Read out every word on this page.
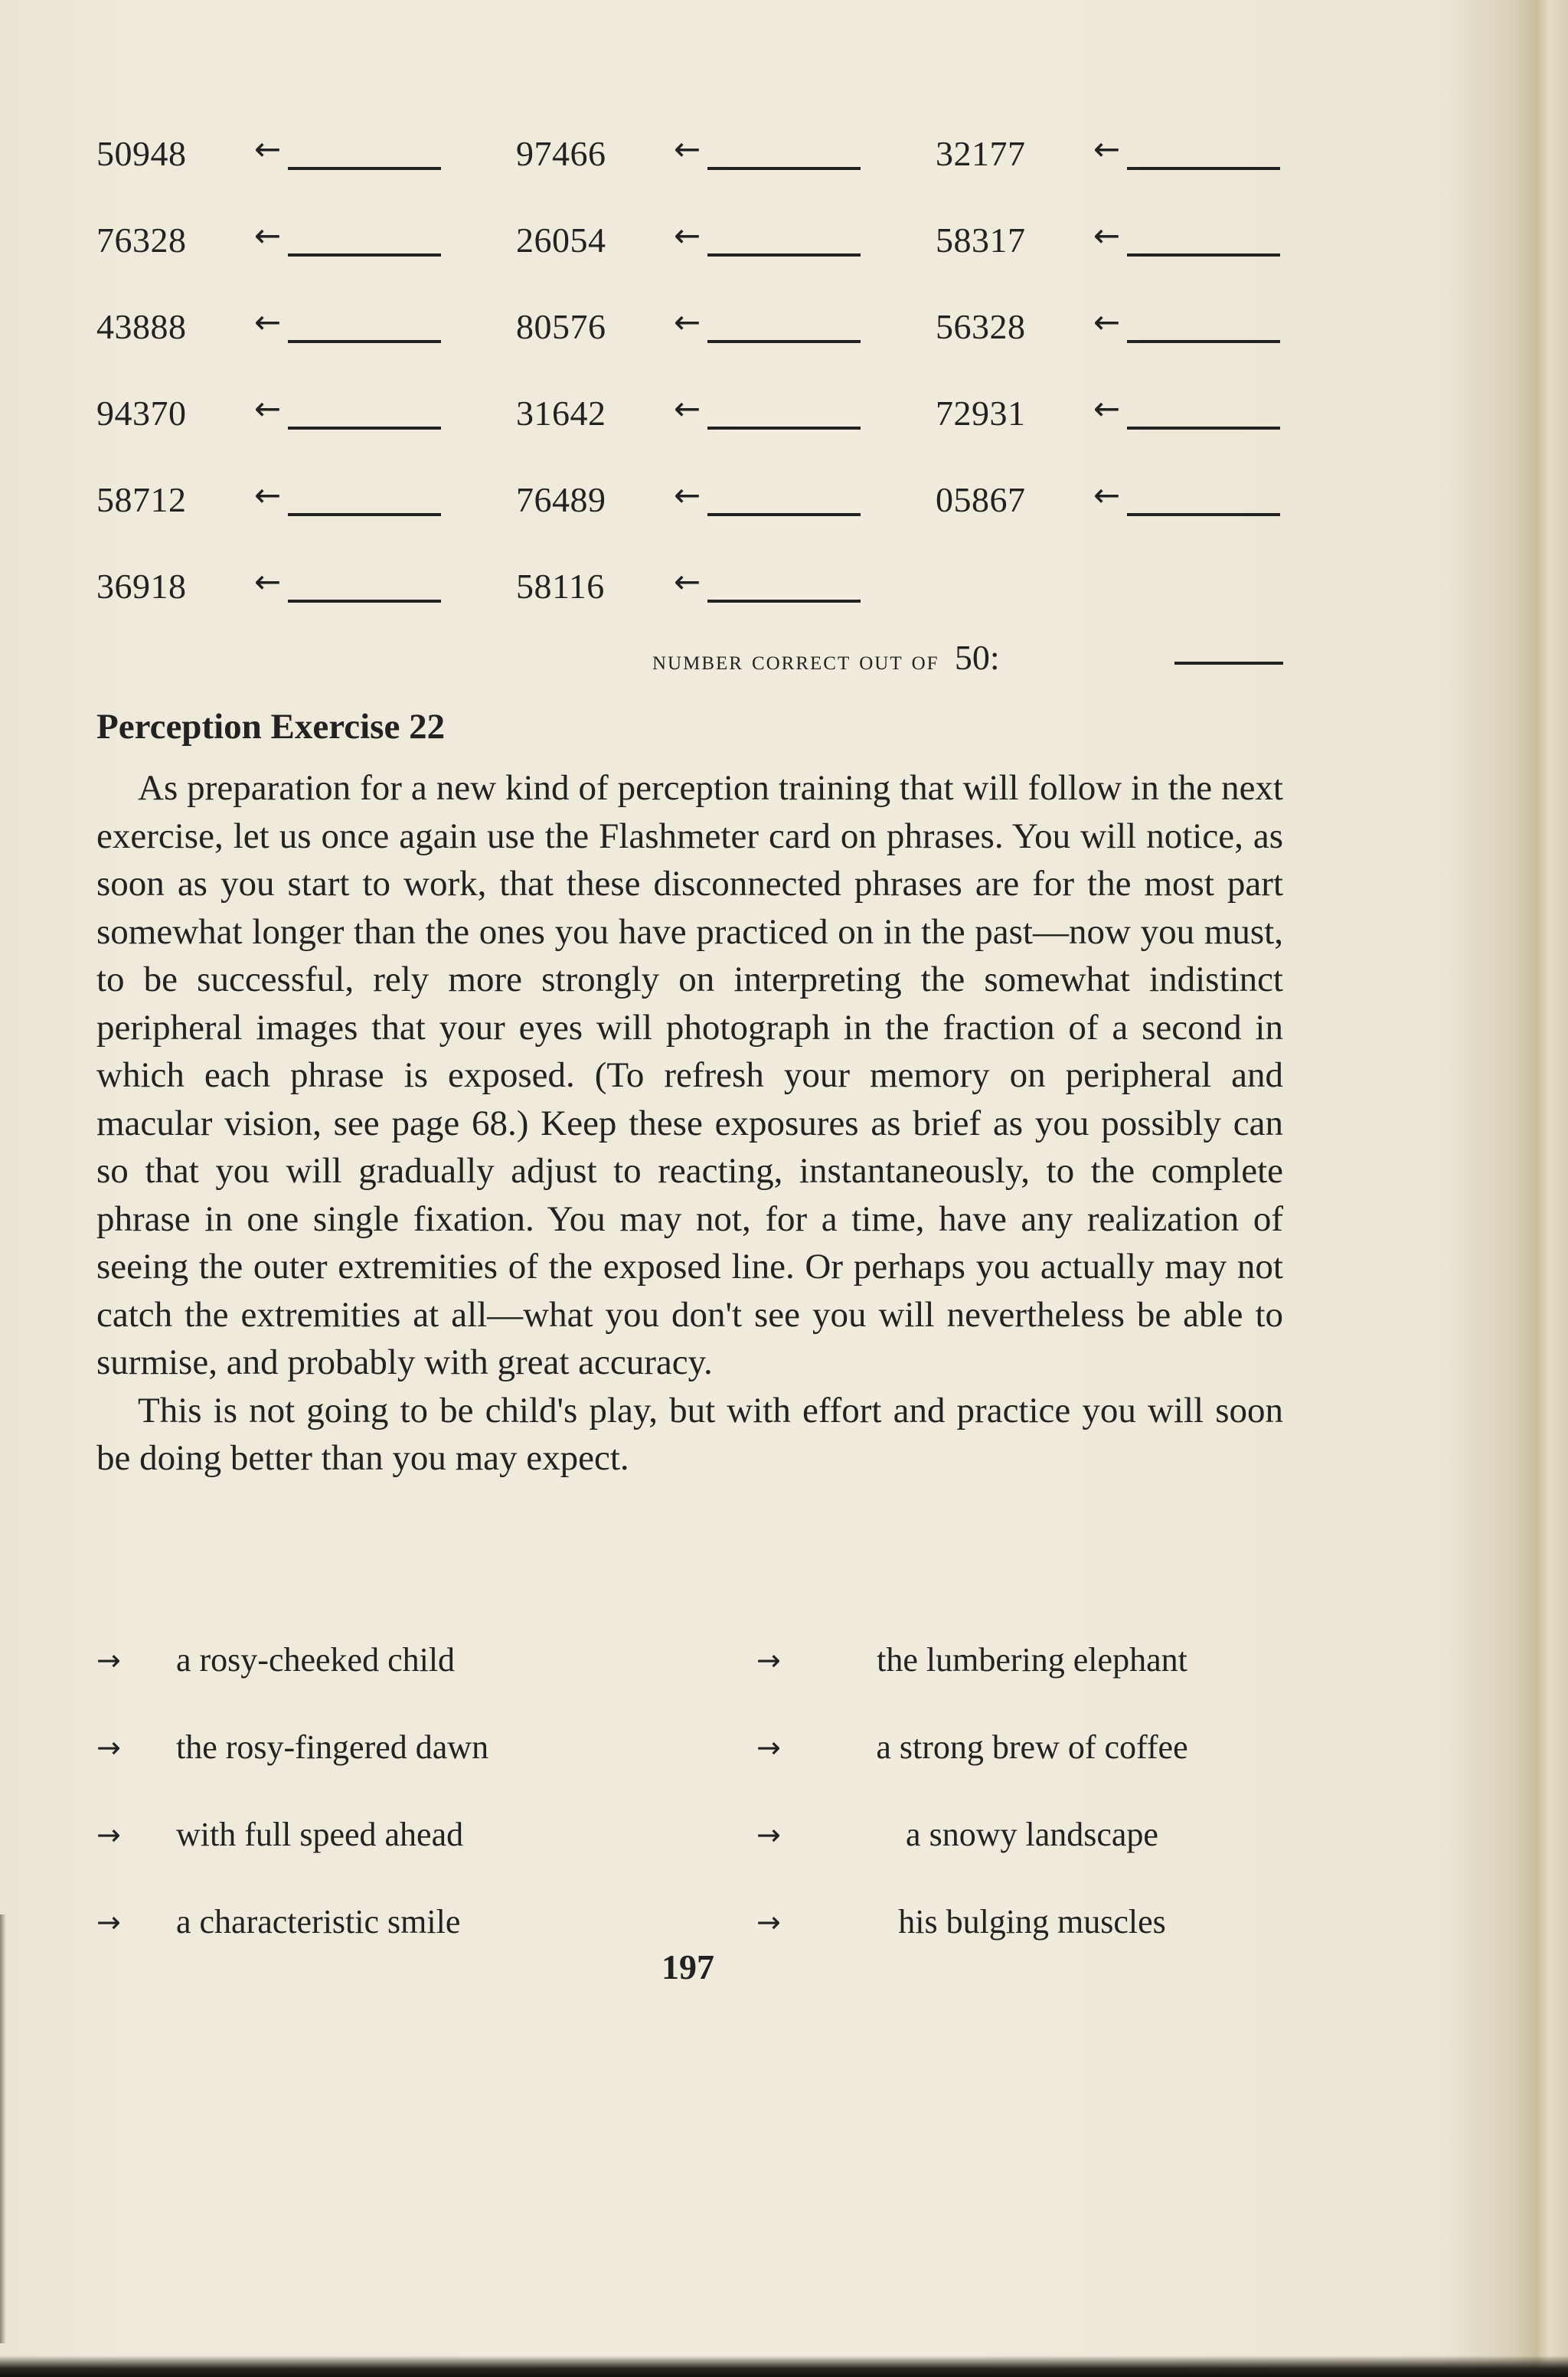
50948 ←	97466 ←	32177 ←
76328 ←	26054 ←	58317 ←
43888 ←	80576 ←	56328 ←
94370 ←	31642 ←	72931 ←
58712 ←	76489 ←	05867 ←
36918 ←	58116 ←
number correct out of 50:
Perception Exercise 22

As preparation for a new kind of perception training that will follow in the next exercise, let us once again use the Flashmeter card on phrases. You will notice, as soon as you start to work, that these disconnected phrases are for the most part somewhat longer than the ones you have practiced on in the past—now you must, to be successful, rely more strongly on interpreting the somewhat indistinct peripheral images that your eyes will photograph in the fraction of a second in which each phrase is exposed. (To refresh your memory on peripheral and macular vision, see page 68.) Keep these exposures as brief as you possibly can so that you will gradually adjust to reacting, instantaneously, to the complete phrase in one single fixation. You may not, for a time, have any realization of seeing the outer extremities of the exposed line. Or perhaps you actually may not catch the extremities at all—what you don't see you will nevertheless be able to surmise, and probably with great accuracy.

This is not going to be child's play, but with effort and practice you will soon be doing better than you may expect.

→ a rosy-cheeked child	→	the lumbering elephant
→ the rosy-fingered dawn	→	a strong brew of coffee
→ with full speed ahead	→	a snowy landscape
→ a characteristic smile	→	his bulging muscles
197
